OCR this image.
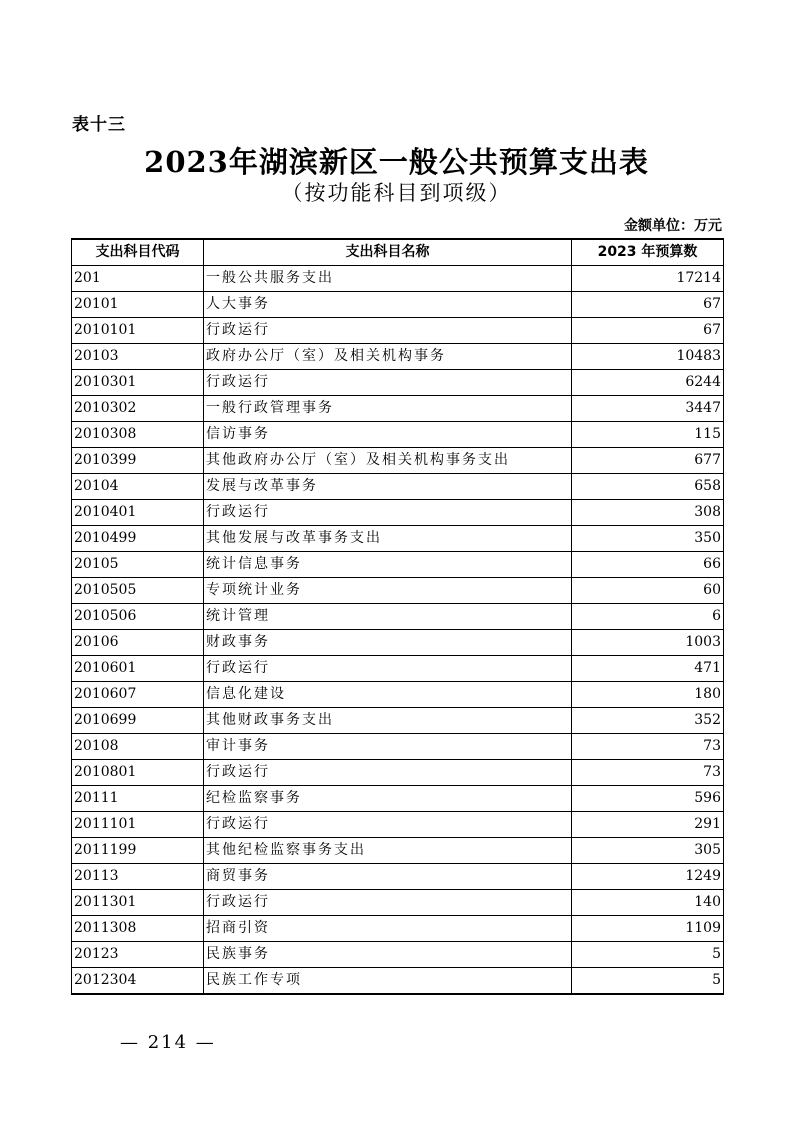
表十三
2023年湖滨新区一般公共预算支出表
（按功能科目到项级）
金额单位：万元
支出科目代码	支出科目名称	2023 年预算数
201	一般公共服务支出	17214
20101	人大事务	67
2010101	行政运行	67
20103	政府办公厅（室）及相关机构事务	10483
2010301	行政运行	6244
2010302	一般行政管理事务	3447
2010308	信访事务	115
2010399	其他政府办公厅（室）及相关机构事务支出	677
20104	发展与改革事务	658
2010401	行政运行	308
2010499	其他发展与改革事务支出	350
20105	统计信息事务	66
2010505	专项统计业务	60
2010506	统计管理	6
20106	财政事务	1003
2010601	行政运行	471
2010607	信息化建设	180
2010699	其他财政事务支出	352
20108	审计事务	73
2010801	行政运行	73
20111	纪检监察事务	596
2011101	行政运行	291
2011199	其他纪检监察事务支出	305
20113	商贸事务	1249
2011301	行政运行	140
2011308	招商引资	1109
20123	民族事务	5
2012304	民族工作专项	5
— 214 —
